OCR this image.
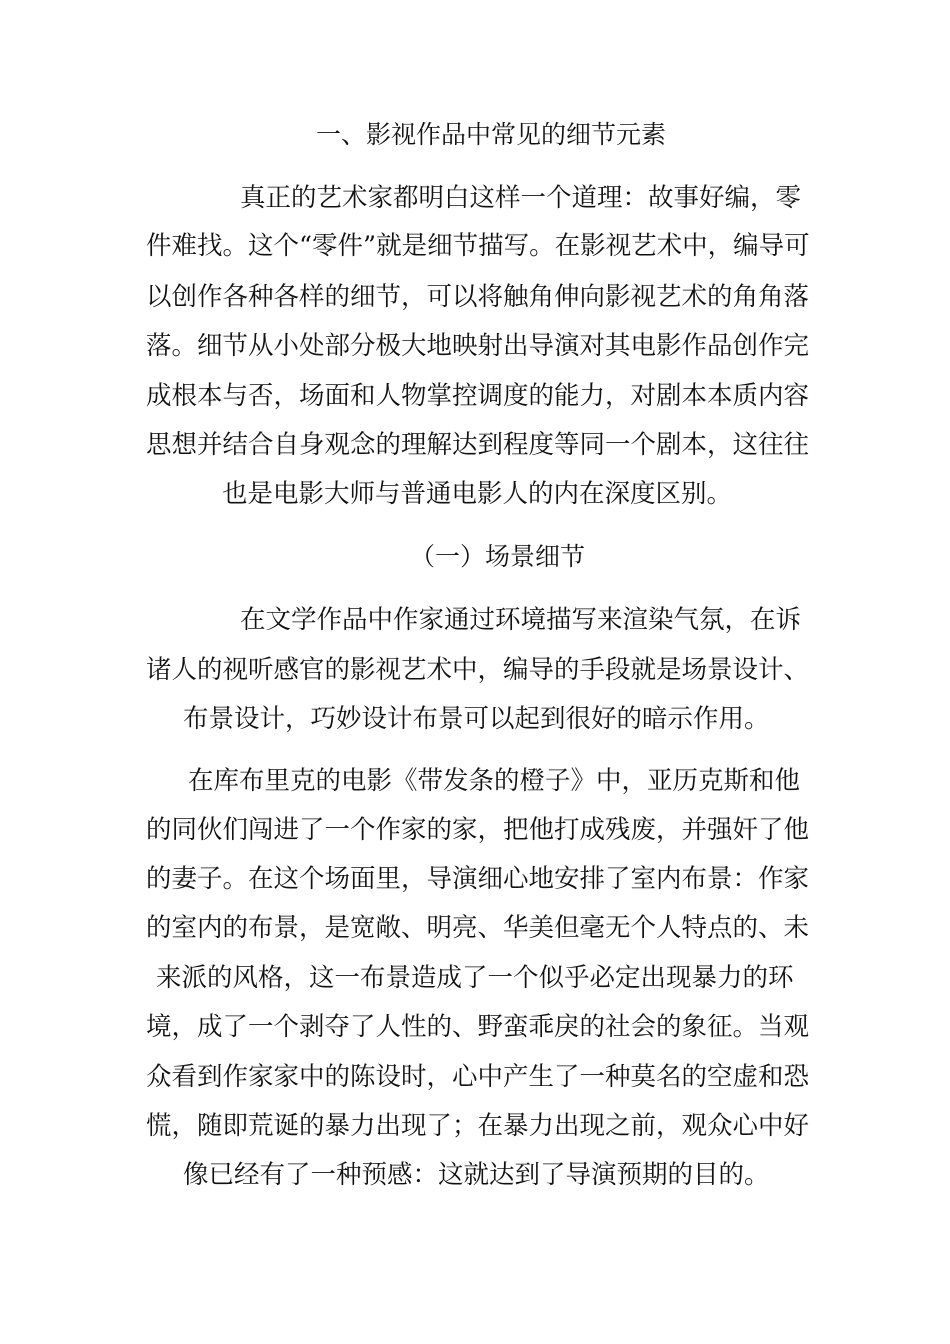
一、影视作品中常见的细节元素
真正的艺术家都明白这样一个道理：故事好编，零
件难找。这个“零件”就是细节描写。在影视艺术中，编导可
以创作各种各样的细节，可以将触角伸向影视艺术的角角落
落。细节从小处部分极大地映射出导演对其电影作品创作完
成根本与否，场面和人物掌控调度的能力，对剧本本质内容
思想并结合自身观念的理解达到程度等同一个剧本，这往往
也是电影大师与普通电影人的内在深度区别。
（一）场景细节
在文学作品中作家通过环境描写来渲染气氛，在诉
诸人的视听感官的影视艺术中，编导的手段就是场景设计、
布景设计，巧妙设计布景可以起到很好的暗示作用。
在库布里克的电影《带发条的橙子》中，亚历克斯和他
的同伙们闯进了一个作家的家，把他打成残废，并强奸了他
的妻子。在这个场面里，导演细心地安排了室内布景：作家
的室内的布景，是宽敞、明亮、华美但毫无个人特点的、未
来派的风格，这一布景造成了一个似乎必定出现暴力的环
境，成了一个剥夺了人性的、野蛮乖戾的社会的象征。当观
众看到作家家中的陈设时，心中产生了一种莫名的空虚和恐
慌，随即荒诞的暴力出现了；在暴力出现之前，观众心中好
像已经有了一种预感：这就达到了导演预期的目的。
